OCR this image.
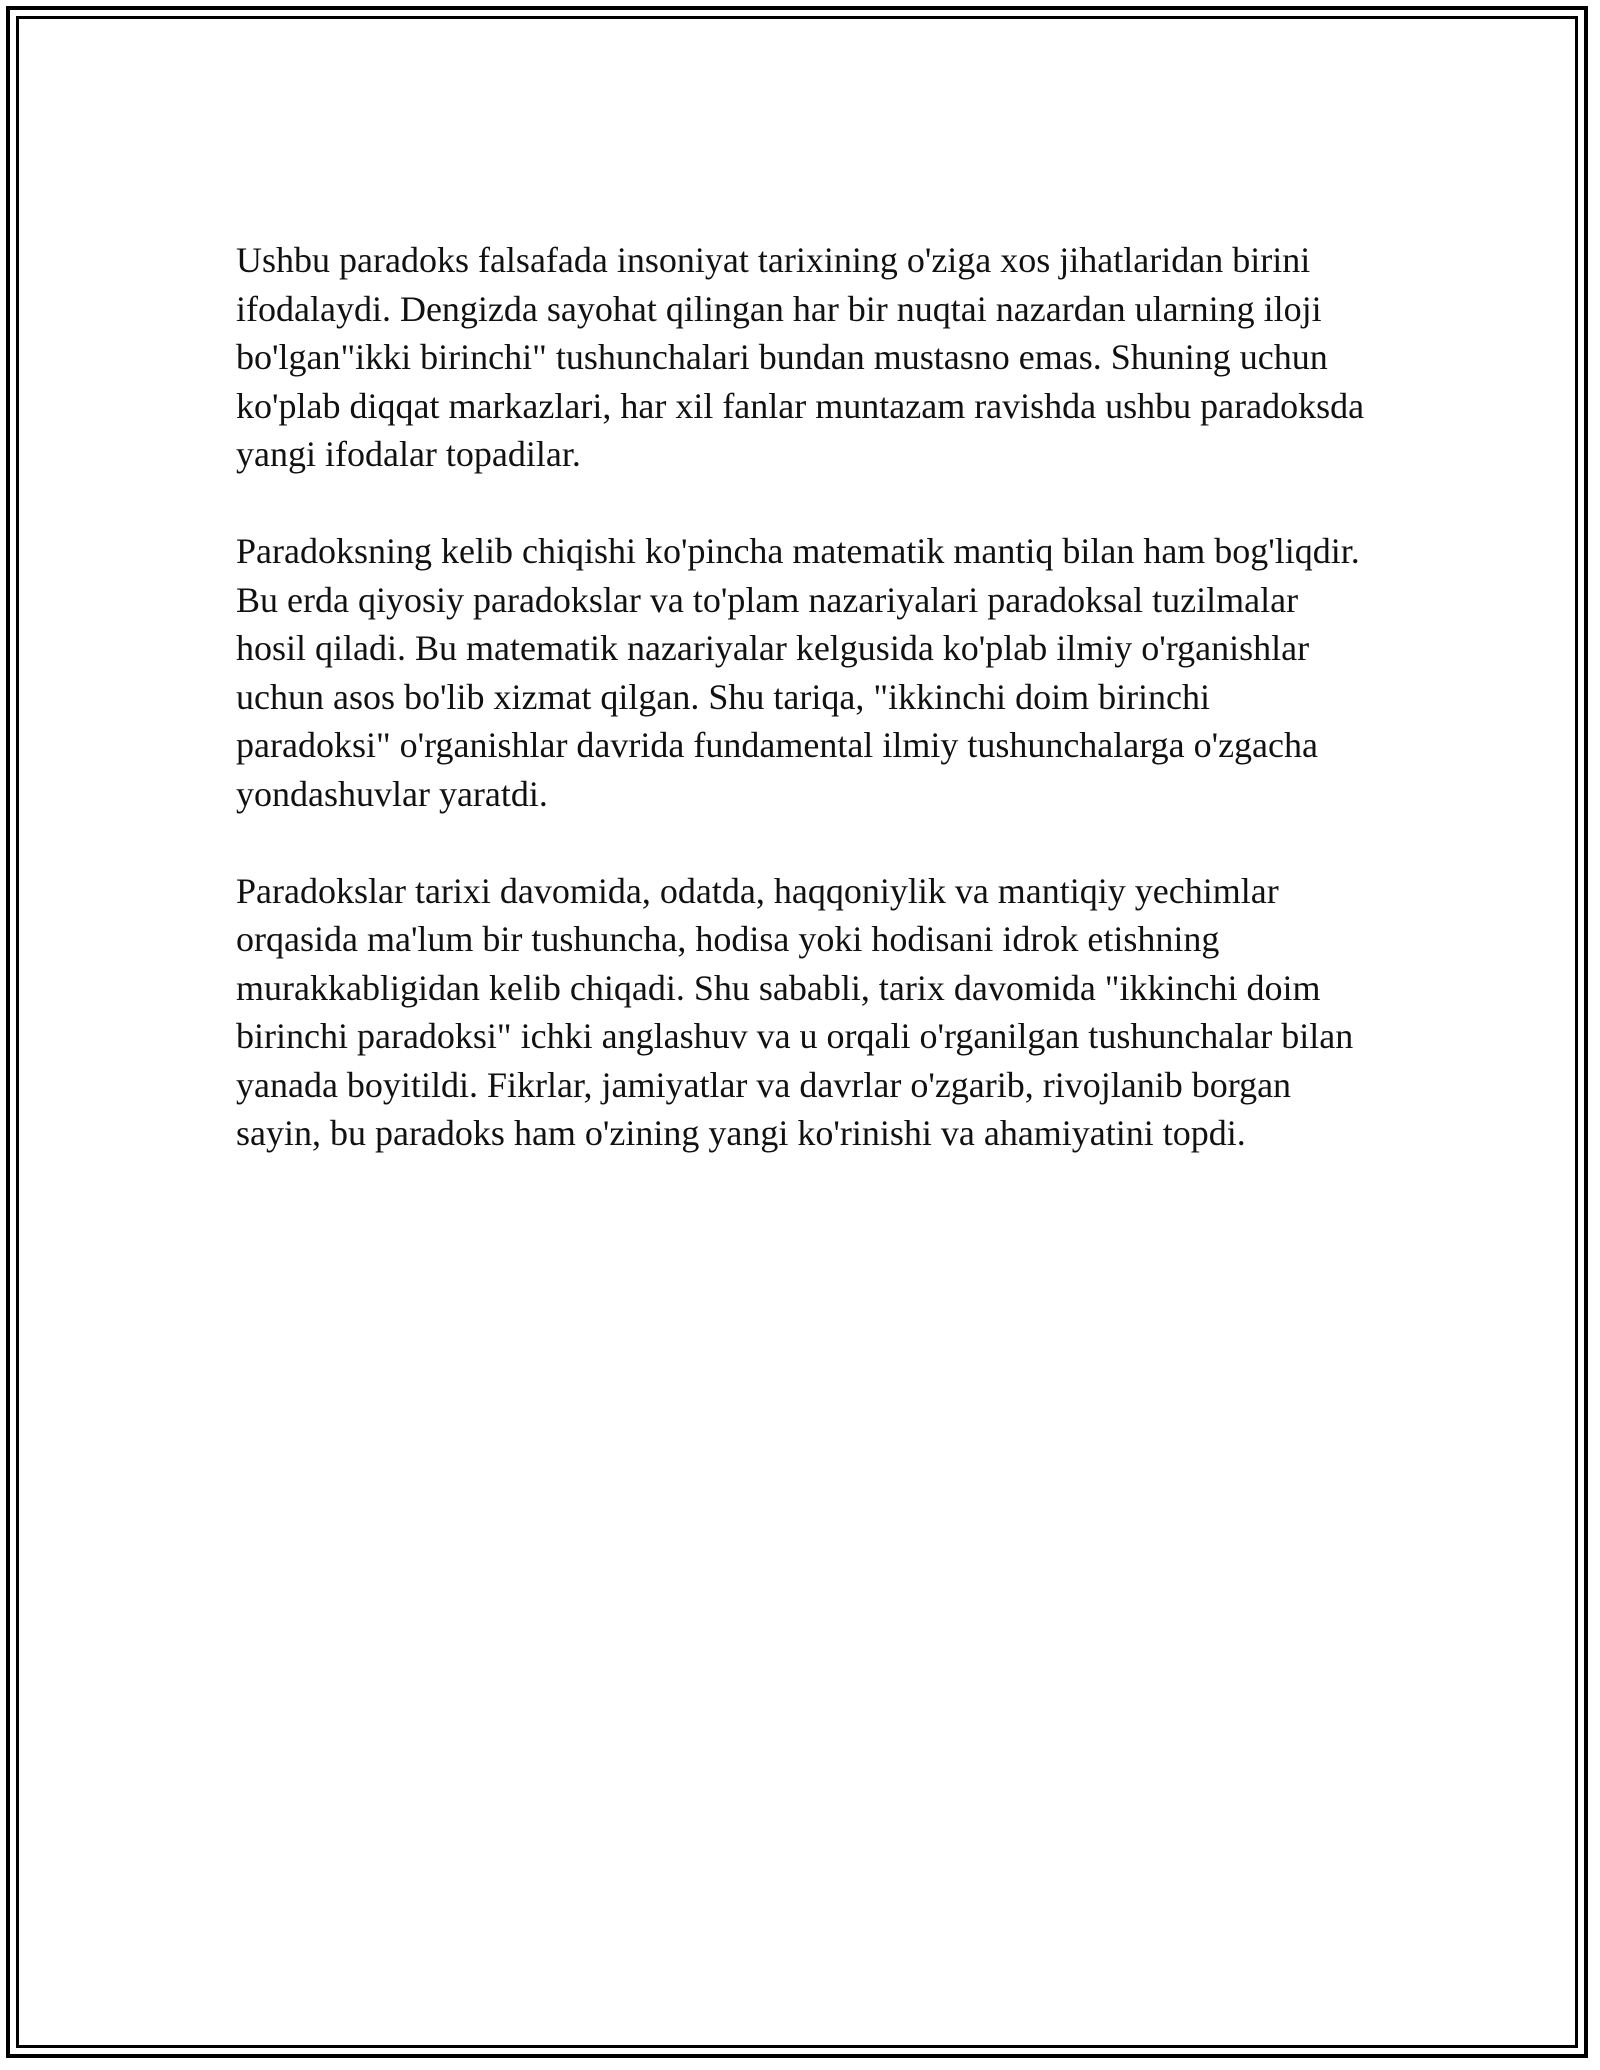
Ushbu paradoks falsafada insoniyat tarixining o'ziga xos jihatlaridan birini ifodalaydi. Dengizda sayohat qilingan har bir nuqtai nazardan ularning iloji bo'lgan"ikki birinchi" tushunchalari bundan mustasno emas. Shuning uchun ko'plab diqqat markazlari, har xil fanlar muntazam ravishda ushbu paradoksda yangi ifodalar topadilar.

Paradoksning kelib chiqishi ko'pincha matematik mantiq bilan ham bog'liqdir. Bu erda qiyosiy paradokslar va to'plam nazariyalari paradoksal tuzilmalar hosil qiladi. Bu matematik nazariyalar kelgusida ko'plab ilmiy o'rganishlar uchun asos bo'lib xizmat qilgan. Shu tariqa, "ikkinchi doim birinchi paradoksi" o'rganishlar davrida fundamental ilmiy tushunchalarga o'zgacha yondashuvlar yaratdi.

Paradokslar tarixi davomida, odatda, haqqoniylik va mantiqiy yechimlar orqasida ma'lum bir tushuncha, hodisa yoki hodisani idrok etishning murakkabligidan kelib chiqadi. Shu sababli, tarix davomida "ikkinchi doim birinchi paradoksi" ichki anglashuv va u orqali o'rganilgan tushunchalar bilan yanada boyitildi. Fikrlar, jamiyatlar va davrlar o'zgarib, rivojlanib borgan sayin, bu paradoks ham o'zining yangi ko'rinishi va ahamiyatini topdi.
